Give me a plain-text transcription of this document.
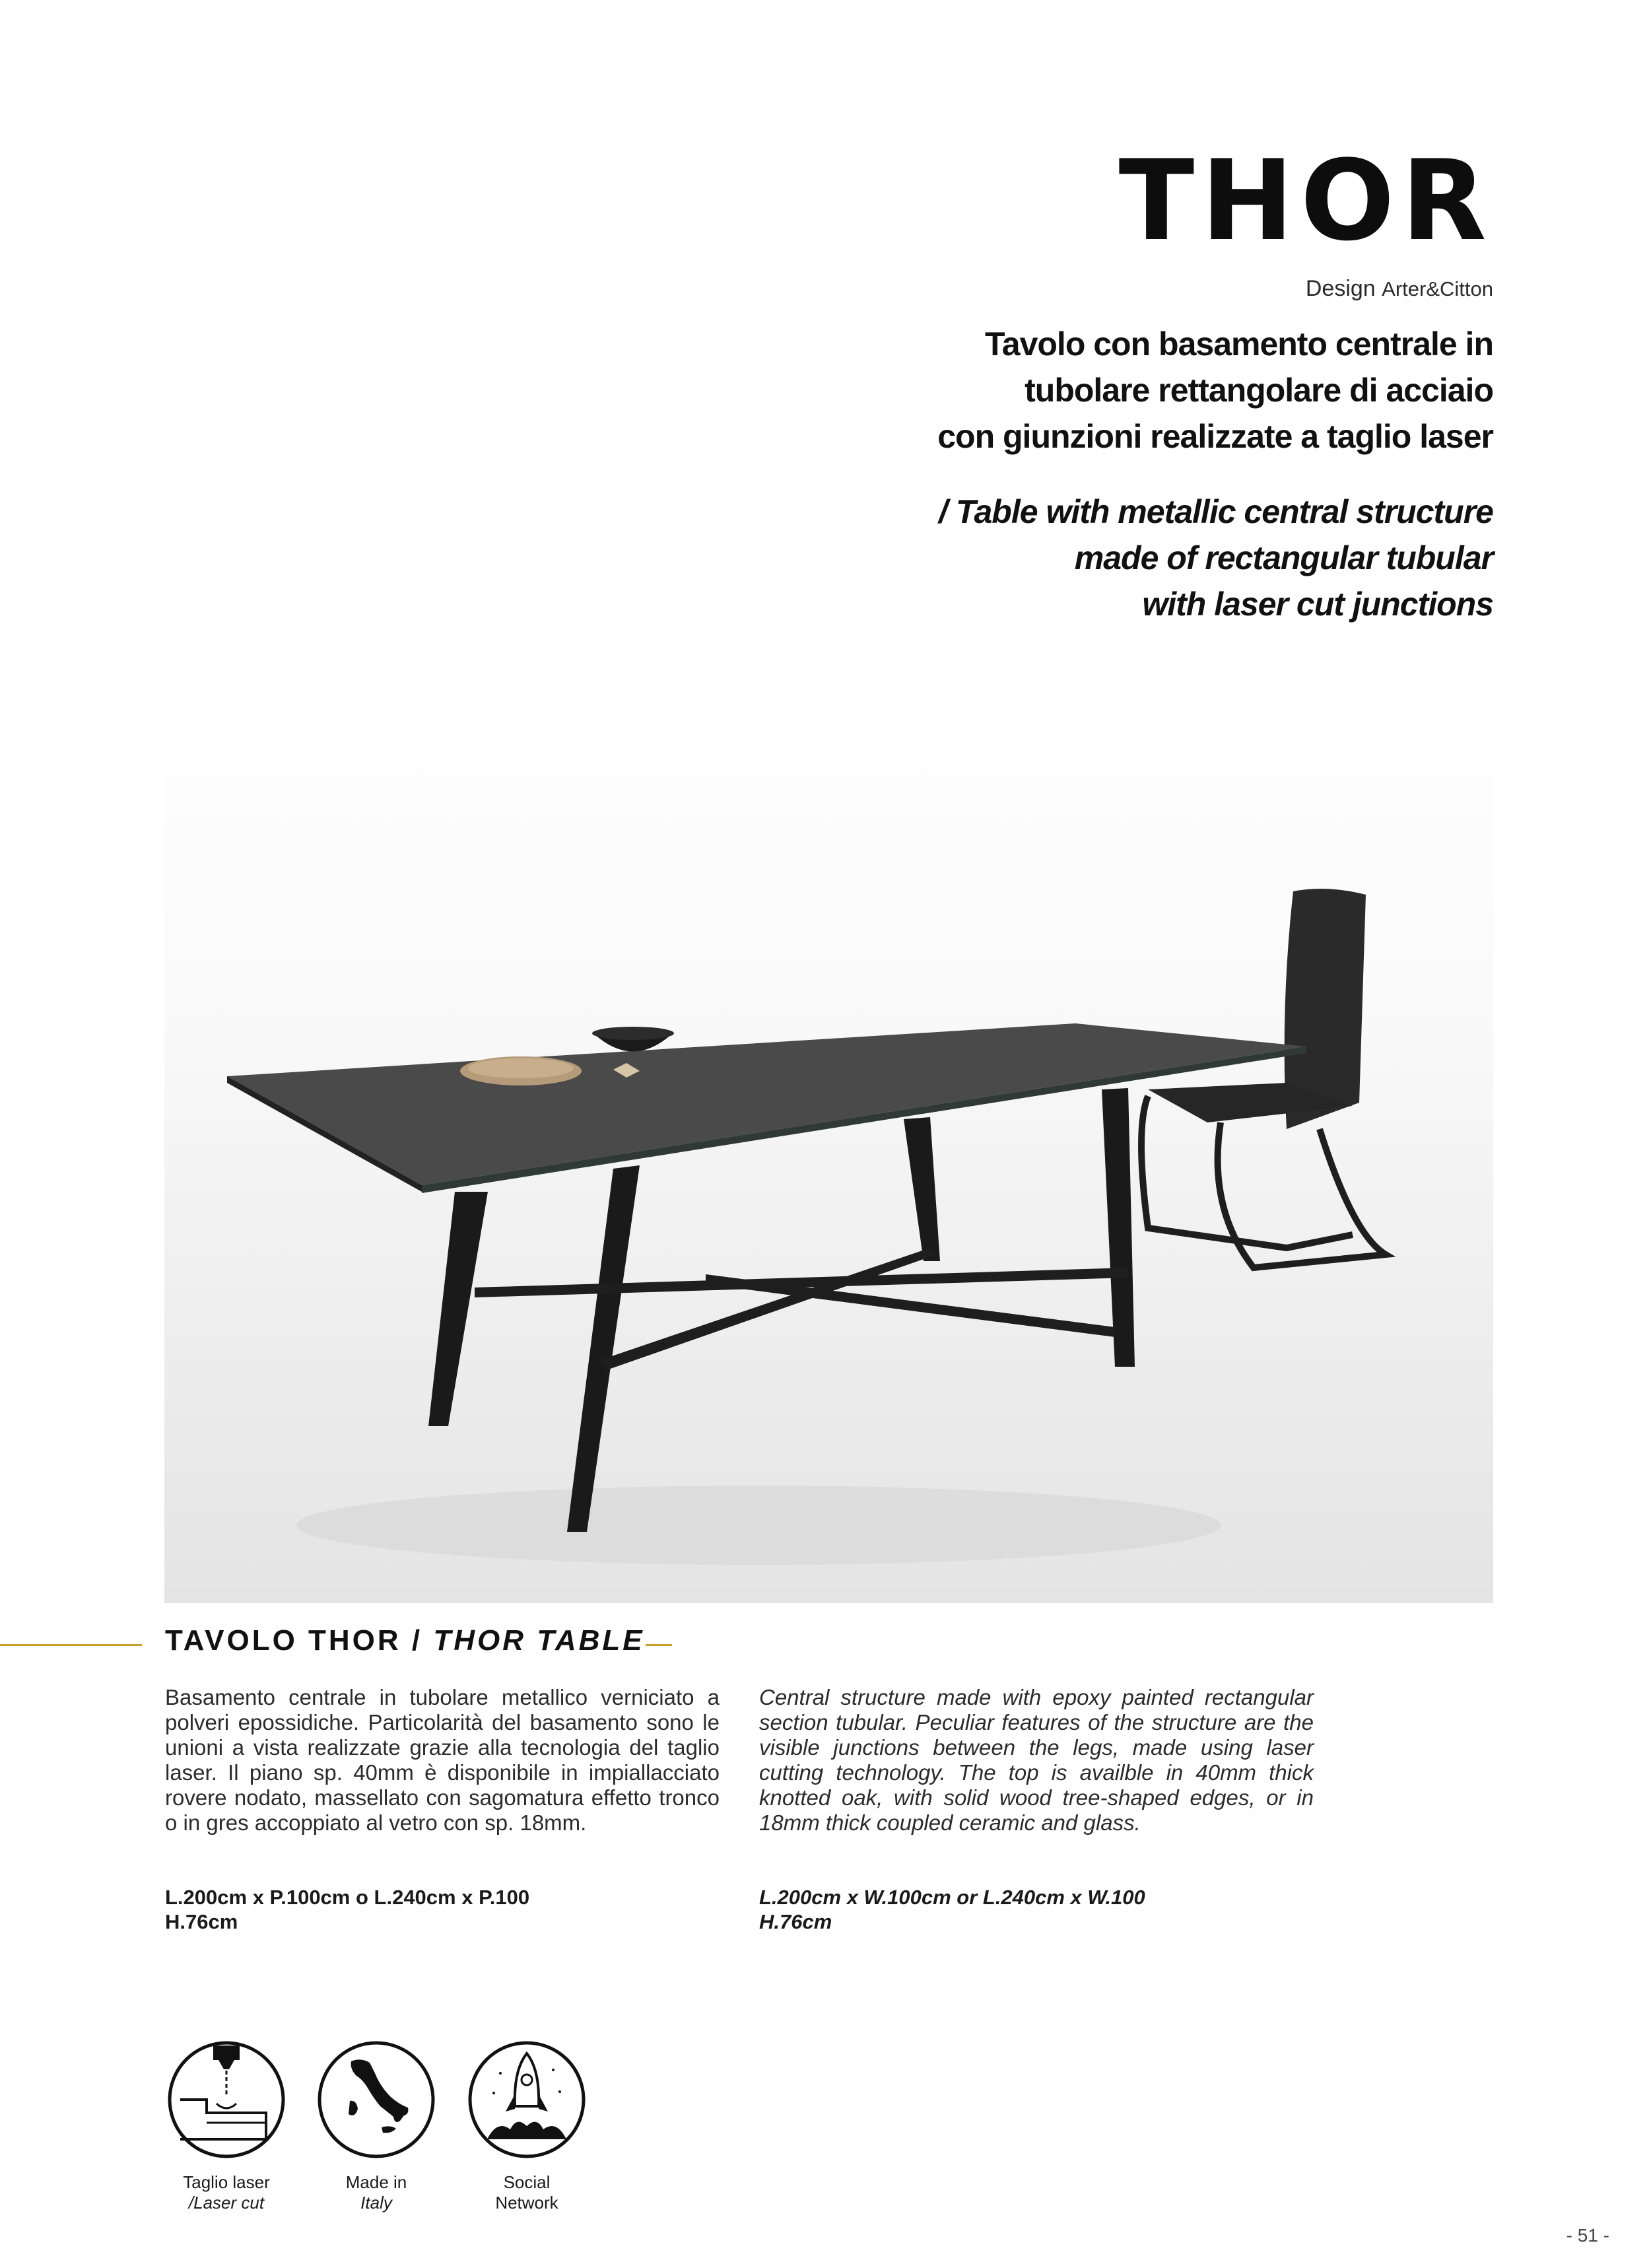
THOR
Design Arter&Citton
Tavolo con basamento centrale in
tubolare rettangolare di acciaio
con giunzioni realizzate a taglio laser
/ Table with metallic central structure
made of rectangular tubular
with laser cut junctions
TAVOLO THOR / THOR TABLE
Basamento centrale in tubolare metallico verniciato a polveri epossidiche. Particolarità del basamento sono le unioni a vista realizzate grazie alla tecnologia del taglio laser. Il piano sp. 40mm è disponibile in impiallacciato rovere nodato, massellato con sagomatura effetto tronco o in gres accoppiato al vetro con sp. 18mm.
Central structure made with epoxy painted rectangular section tubular. Peculiar features of the structure are the visible junctions between the legs, made using laser cutting technology. The top is availble in 40mm thick knotted oak, with solid wood tree-shaped edges, or in 18mm thick coupled ceramic and glass.
L.200cm x P.100cm o L.240cm x P.100
H.76cm
L.200cm x W.100cm or L.240cm x W.100
H.76cm
Taglio laser
/Laser cut
Made in
Italy
Social
Network
- 51 -
